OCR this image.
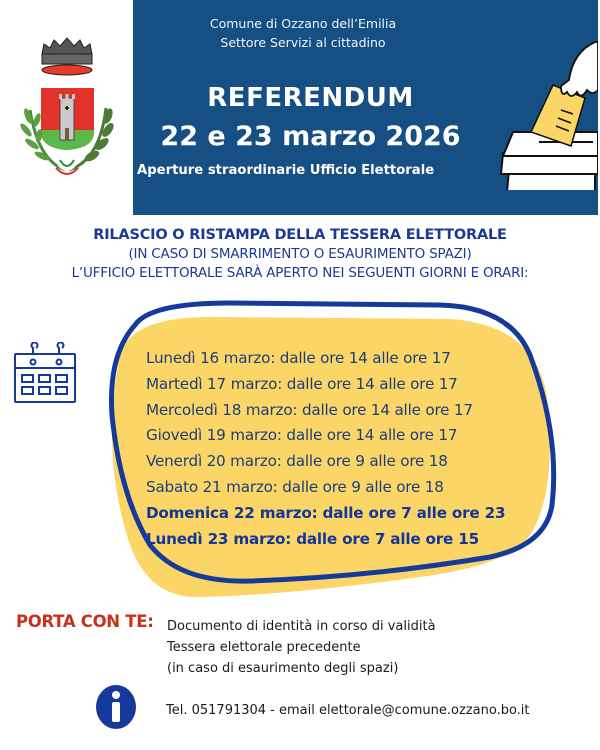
Comune di Ozzano dell’Emilia
Settore Servizi al cittadino
REFERENDUM
22 e 23 marzo 2026
Aperture straordinarie Ufficio Elettorale
RILASCIO O RISTAMPA DELLA TESSERA ELETTORALE
(IN CASO DI SMARRIMENTO O ESAURIMENTO SPAZI)
L’UFFICIO ELETTORALE SARÀ APERTO NEI SEGUENTI GIORNI E ORARI:
Lunedì 16 marzo: dalle ore 14 alle ore 17
Martedì 17 marzo: dalle ore 14 alle ore 17
Mercoledì 18 marzo: dalle ore 14 alle ore 17
Giovedì 19 marzo: dalle ore 14 alle ore 17
Venerdì 20 marzo: dalle ore 9 alle ore 18
Sabato 21 marzo: dalle ore 9 alle ore 18
Domenica 22 marzo: dalle ore 7 alle ore 23
Lunedì 23 marzo: dalle ore 7 alle ore 15
PORTA CON TE: Documento di identità in corso di validità
Tessera elettorale precedente
(in caso di esaurimento degli spazi)
Tel. 051791304 - email elettorale@comune.ozzano.bo.it
